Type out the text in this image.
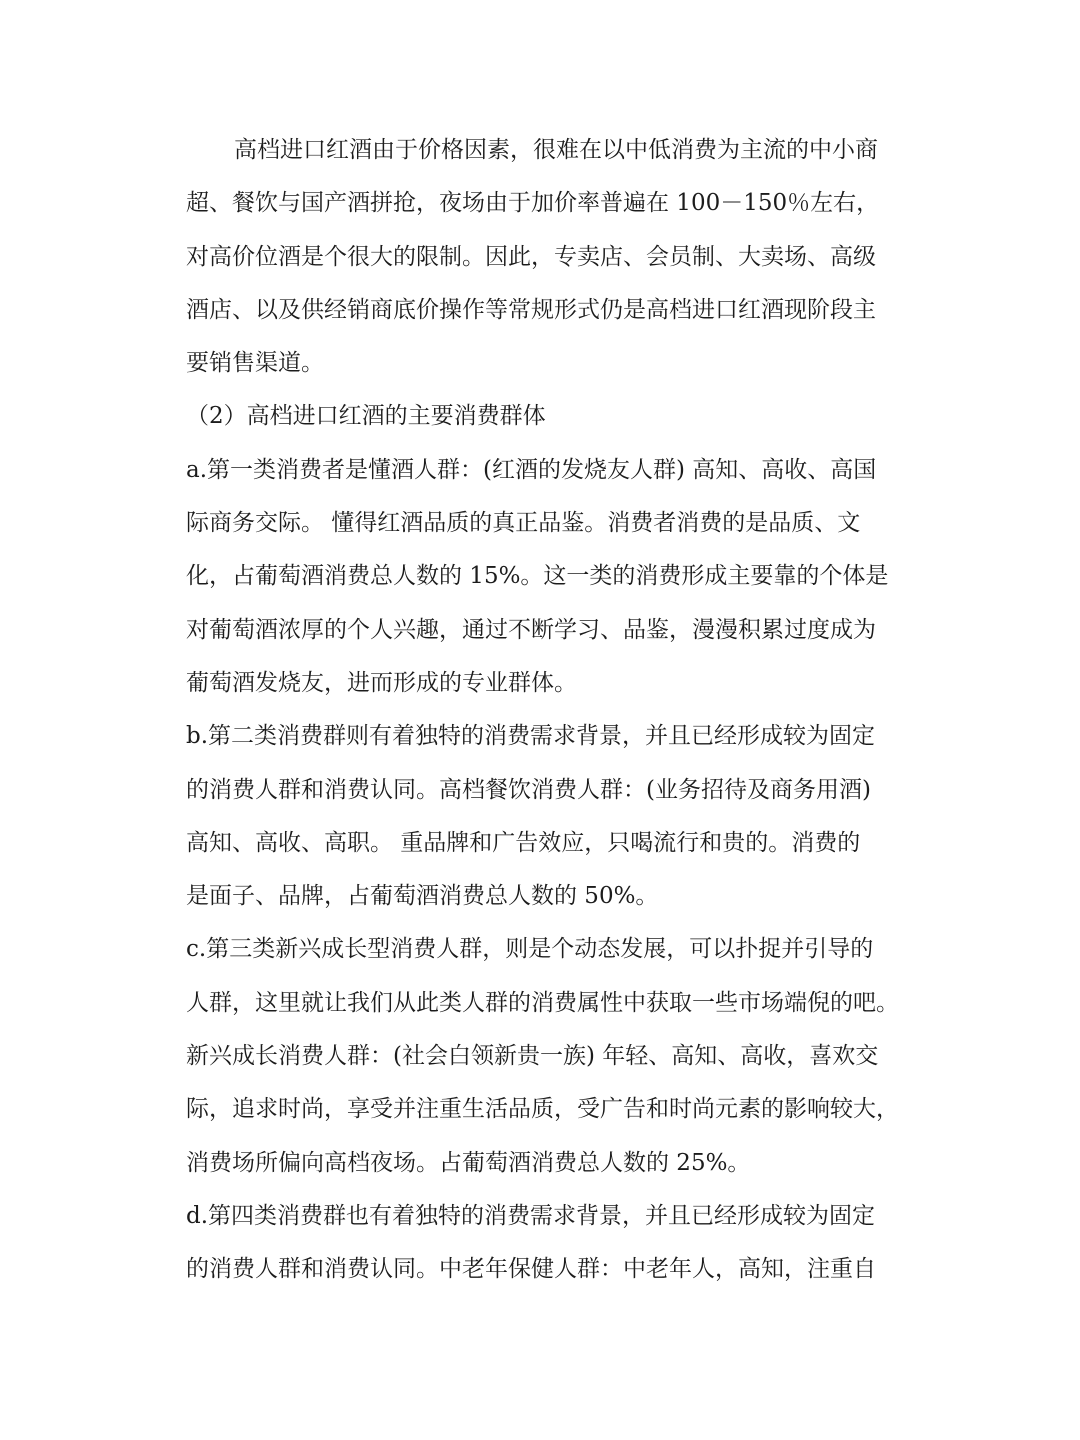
高档进口红酒由于价格因素，很难在以中低消费为主流的中小商
超、餐饮与国产酒拼抢，夜场由于加价率普遍在 100－150％左右，
对高价位酒是个很大的限制。因此，专卖店、会员制、大卖场、高级
酒店、以及供经销商底价操作等常规形式仍是高档进口红酒现阶段主
要销售渠道。
（2）高档进口红酒的主要消费群体
a.第一类消费者是懂酒人群：(红酒的发烧友人群) 高知、高收、高国
际商务交际。 懂得红酒品质的真正品鉴。消费者消费的是品质、文
化，占葡萄酒消费总人数的 15%。这一类的消费形成主要靠的个体是
对葡萄酒浓厚的个人兴趣，通过不断学习、品鉴，漫漫积累过度成为
葡萄酒发烧友，进而形成的专业群体。
b.第二类消费群则有着独特的消费需求背景，并且已经形成较为固定
的消费人群和消费认同。高档餐饮消费人群：(业务招待及商务用酒)
高知、高收、高职。 重品牌和广告效应，只喝流行和贵的。消费的
是面子、品牌，占葡萄酒消费总人数的 50%。
c.第三类新兴成长型消费人群，则是个动态发展，可以扑捉并引导的
人群，这里就让我们从此类人群的消费属性中获取一些市场端倪的吧。
新兴成长消费人群：(社会白领新贵一族) 年轻、高知、高收，喜欢交
际，追求时尚，享受并注重生活品质，受广告和时尚元素的影响较大，
消费场所偏向高档夜场。占葡萄酒消费总人数的 25%。
d.第四类消费群也有着独特的消费需求背景，并且已经形成较为固定
的消费人群和消费认同。中老年保健人群：中老年人，高知，注重自
